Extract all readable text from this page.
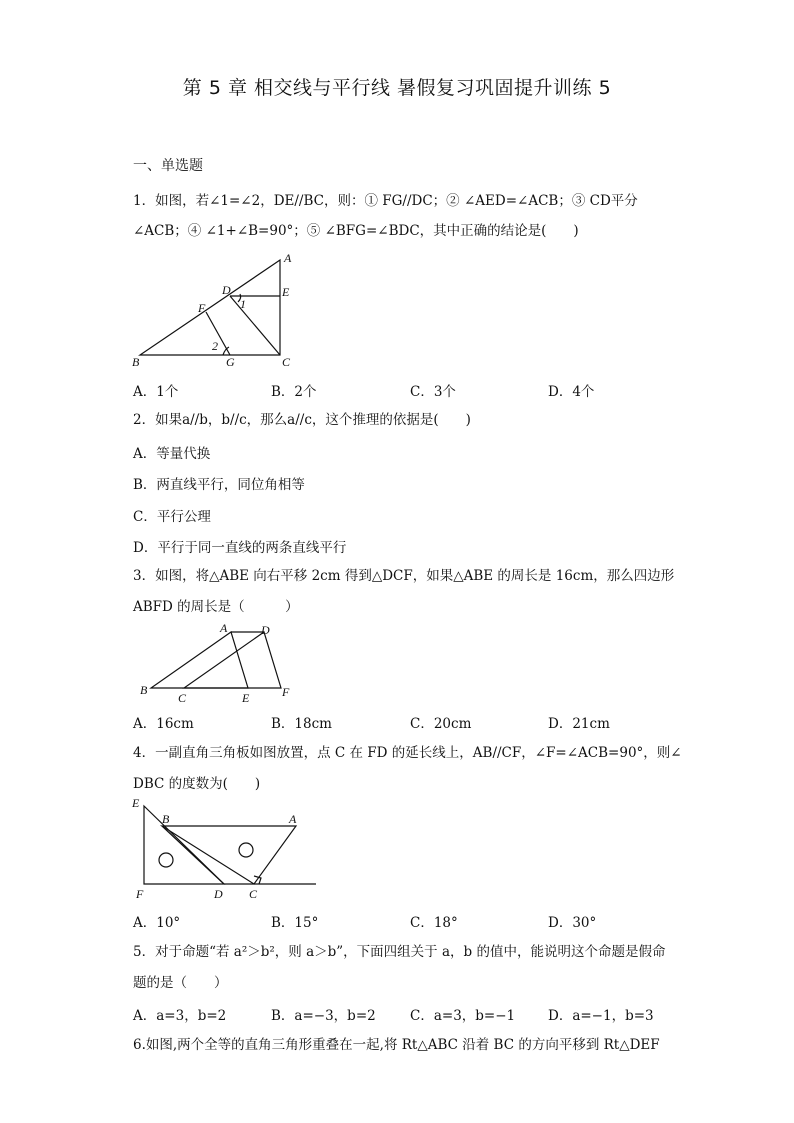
第 5 章 相交线与平行线 暑假复习巩固提升训练 5
一、单选题
1．如图，若∠1=∠2，DE//BC，则：① FG//DC；② ∠AED=∠ACB；③ CD平分
∠ACB；④ ∠1+∠B=90°；⑤ ∠BFG=∠BDC，其中正确的结论是(　　)
A
B	C
D	E
F
G
1
2
A．1个	B．2个	C．3个	D．4个
2．如果a//b，b//c，那么a//c，这个推理的依据是(　　)
A．等量代换
B．两直线平行，同位角相等
C．平行公理
D．平行于同一直线的两条直线平行
3．如图，将△ABE 向右平移 2cm 得到△DCF，如果△ABE 的周长是 16cm，那么四边形
ABFD 的周长是（　　　）
A
B
C
D
E	F
A．16cm	B．18cm	C．20cm	D．21cm
4．一副直角三角板如图放置，点 C 在 FD 的延长线上，AB//CF，∠F=∠ACB=90°，则∠
DBC 的度数为(　　)
E
B	A
F	D C
A．10°	B．15°	C．18°	D．30°
5．对于命题“若 a²＞b²，则 a＞b”，下面四组关于 a，b 的值中，能说明这个命题是假命
题的是（　　）
A．a=3，b=2	B．a=−3，b=2	C．a=3，b=−1 D．a=−1，b=3
6.如图,两个全等的直角三角形重叠在一起,将 Rt△ABC 沿着 BC 的方向平移到 Rt△DEF
